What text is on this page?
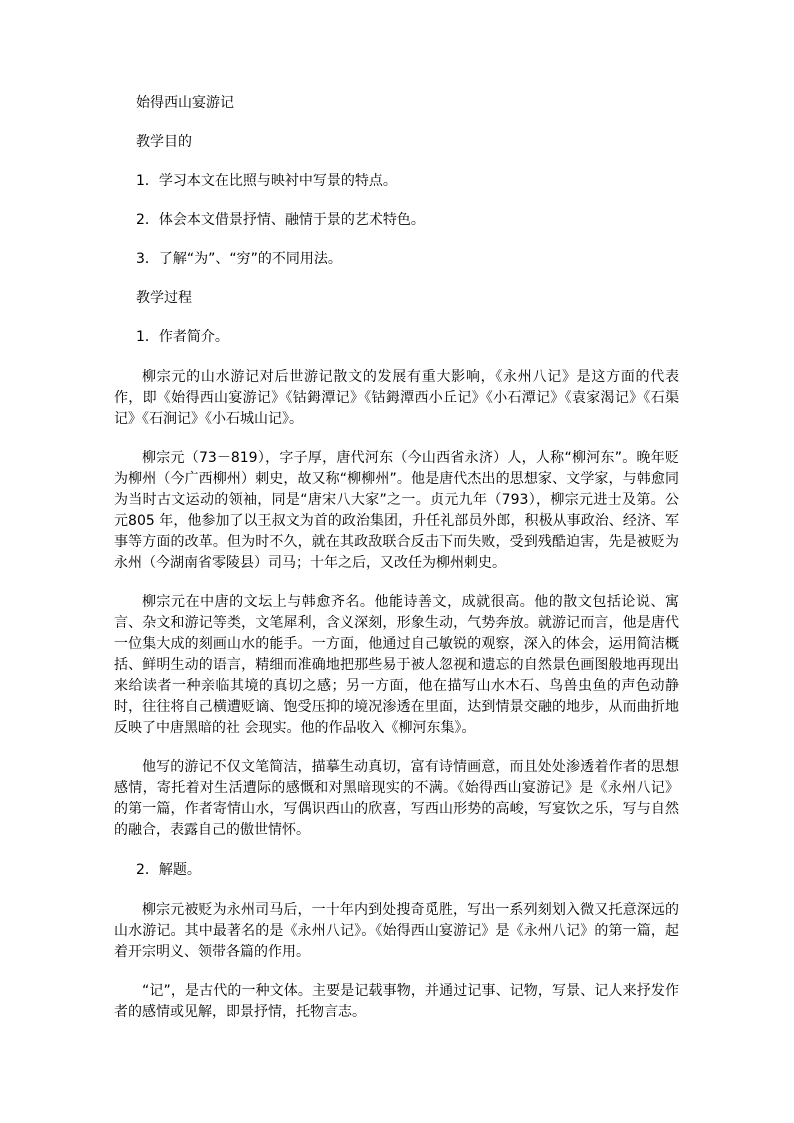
始得西山宴游记

教学目的

1．学习本文在比照与映衬中写景的特点。

2．体会本文借景抒情、融情于景的艺术特色。

3．了解“为”、“穷”的不同用法。

教学过程

1．作者简介。

柳宗元的山水游记对后世游记散文的发展有重大影响，《永州八记》是这方面的代表作，即《始得西山宴游记》《钴鉧潭记》《钴鉧潭西小丘记》《小石潭记》《袁家渴记》《石渠记》《石涧记》《小石城山记》。

柳宗元（73－819），字子厚，唐代河东（今山西省永济）人，人称“柳河东”。晚年贬为柳州（今广西柳州）刺史，故又称“柳柳州”。他是唐代杰出的思想家、文学家，与韩愈同为当时古文运动的领袖，同是“唐宋八大家”之一。贞元九年（793），柳宗元进士及第。公元805 年，他参加了以王叔文为首的政治集团，升任礼部员外郎，积极从事政治、经济、军事等方面的改革。但为时不久，就在其政敌联合反击下而失败，受到残酷迫害，先是被贬为永州（今湖南省零陵县）司马；十年之后，又改任为柳州刺史。

柳宗元在中唐的文坛上与韩愈齐名。他能诗善文，成就很高。他的散文包括论说、寓言、杂文和游记等类，文笔犀利，含义深刻，形象生动，气势奔放。就游记而言，他是唐代一位集大成的刻画山水的能手。一方面，他通过自己敏锐的观察，深入的体会，运用简洁概括、鲜明生动的语言，精细而准确地把那些易于被人忽视和遗忘的自然景色画图般地再现出来给读者一种亲临其境的真切之感；另一方面，他在描写山水木石、鸟兽虫鱼的声色动静时，往往将自己横遭贬谪、饱受压抑的境况渗透在里面，达到情景交融的地步，从而曲折地反映了中唐黑暗的社 会现实。他的作品收入《柳河东集》。

他写的游记不仅文笔简洁，描摹生动真切，富有诗情画意，而且处处渗透着作者的思想感情，寄托着对生活遭际的感慨和对黑暗现实的不满。《始得西山宴游记》是《永州八记》的第一篇，作者寄情山水，写偶识西山的欣喜，写西山形势的高峻，写宴饮之乐，写与自然的融合，表露自己的傲世情怀。

2．解题。

柳宗元被贬为永州司马后，一十年内到处搜奇觅胜，写出一系列刻划入微又托意深远的山水游记。其中最著名的是《永州八记》。《始得西山宴游记》是《永州八记》的第一篇，起着开宗明义、领带各篇的作用。

“记”，是古代的一种文体。主要是记载事物，并通过记事、记物，写景、记人来抒发作者的感情或见解，即景抒情，托物言志。
